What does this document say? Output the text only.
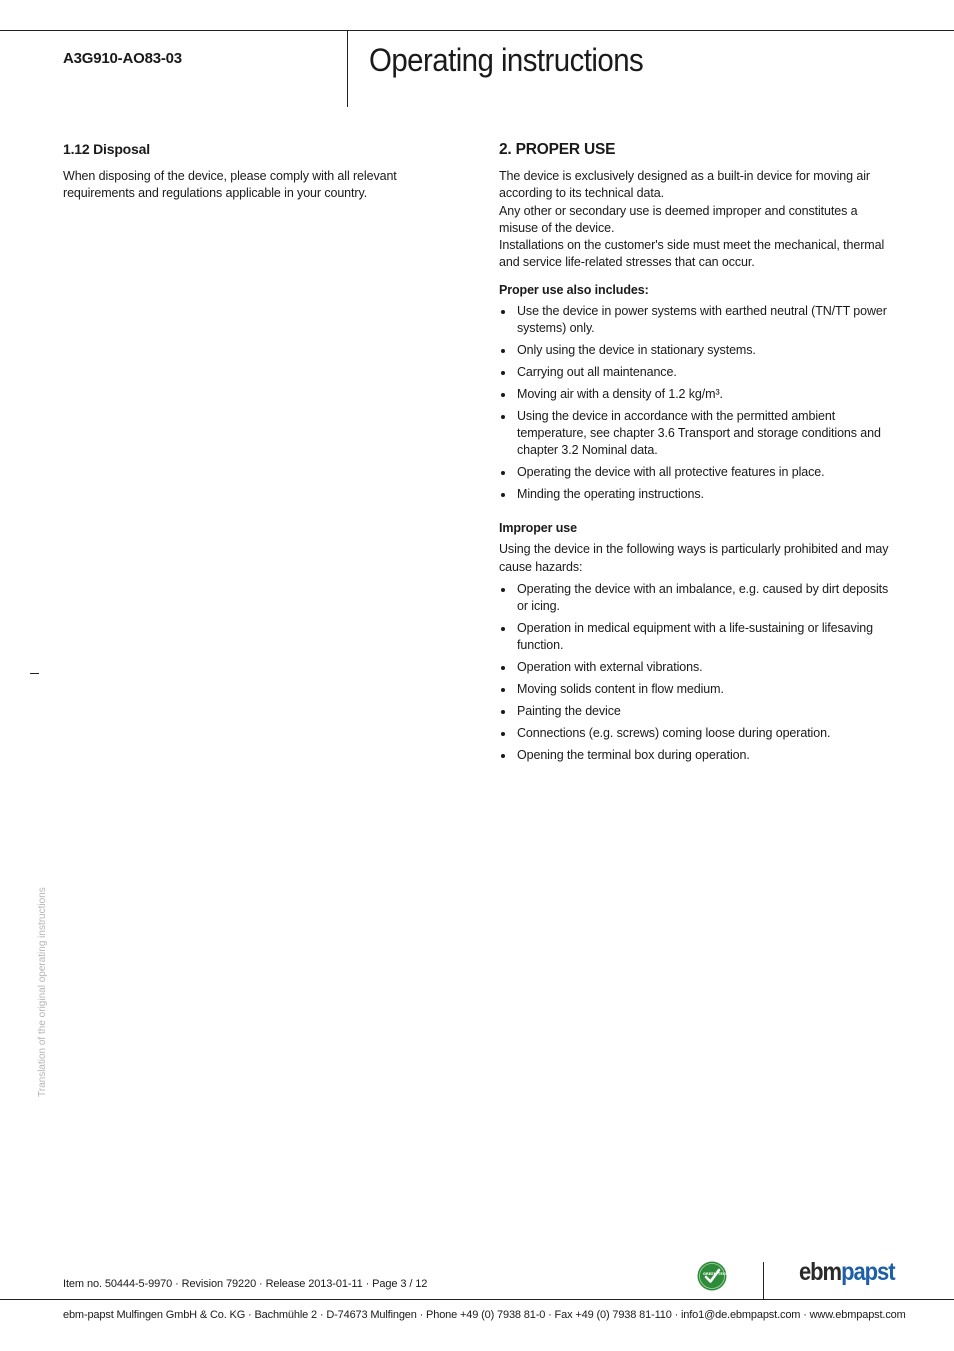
A3G910-AO83-03	Operating instructions
1.12 Disposal

When disposing of the device, please comply with all relevant requirements and regulations applicable in your country.

2. PROPER USE

The device is exclusively designed as a built-in device for moving air according to its technical data.

Any other or secondary use is deemed improper and constitutes a misuse of the device.

Installations on the customer's side must meet the mechanical, thermal and service life-related stresses that can occur.

Proper use also includes:
Use the device in power systems with earthed neutral (TN/TT power systems) only.
Only using the device in stationary systems.
Carrying out all maintenance.
Moving air with a density of 1.2 kg/m³.
Using the device in accordance with the permitted ambient temperature, see chapter 3.6 Transport and storage conditions and chapter 3.2 Nominal data.
Operating the device with all protective features in place.
Minding the operating instructions.
Improper use

Using the device in the following ways is particularly prohibited and may cause hazards:

Operating the device with an imbalance, e.g. caused by dirt deposits or icing.
Operation in medical equipment with a life-sustaining or lifesaving function.
Operation with external vibrations.
Moving solids content in flow medium.
Painting the device
Connections (e.g. screws) coming loose during operation.
Opening the terminal box during operation.
Translation of the original operating instructions
Item no. 50444-5-9970 · Revision 79220 · Release 2013-01-11 · Page 3 / 12
GREEN TECH	ebmpapst
ebm-papst Mulfingen GmbH & Co. KG · Bachmühle 2 · D-74673 Mulfingen · Phone +49 (0) 7938 81-0 · Fax +49 (0) 7938 81-110 · info1@de.ebmpapst.com · www.ebmpapst.com
